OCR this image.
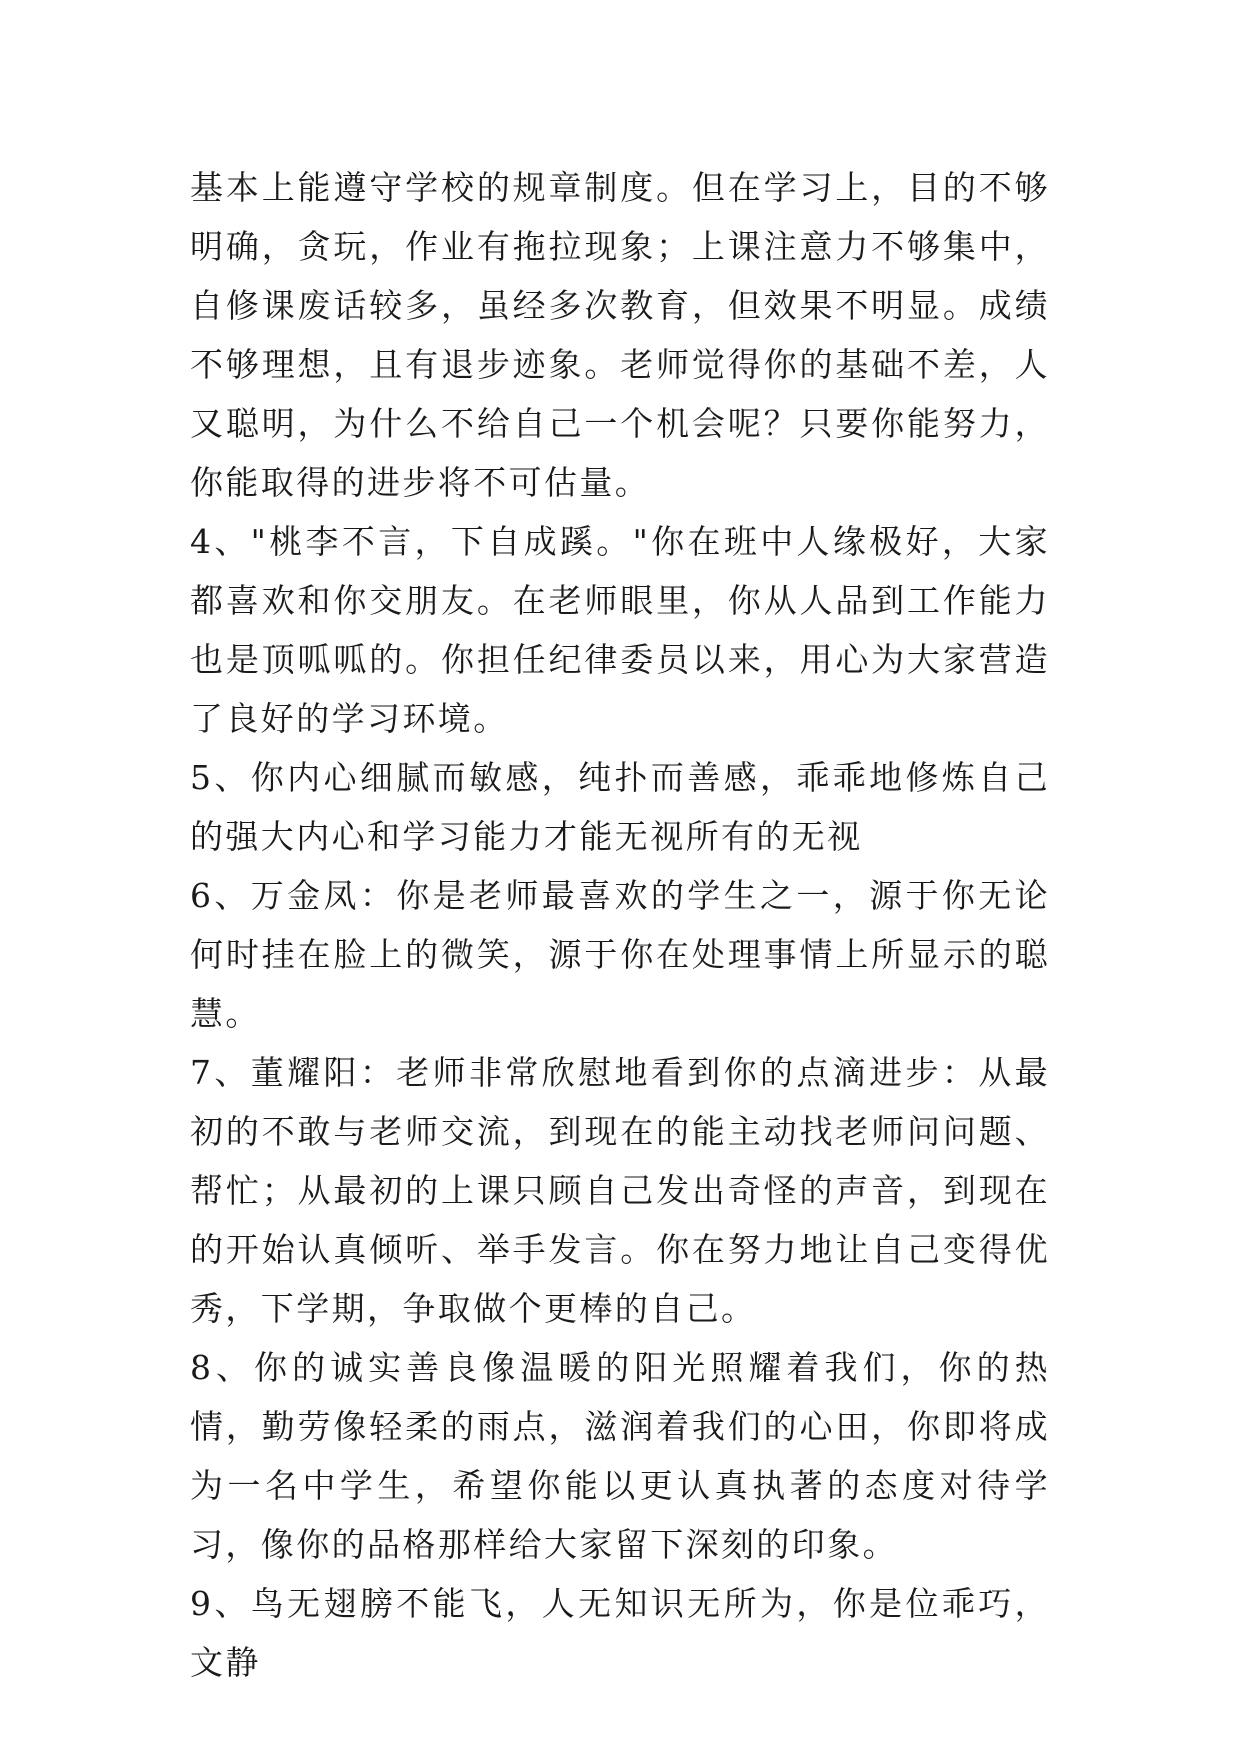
基本上能遵守学校的规章制度。但在学习上，目的不够明确，贪玩，作业有拖拉现象；上课注意力不够集中，自修课废话较多，虽经多次教育，但效果不明显。成绩不够理想，且有退步迹象。老师觉得你的基础不差，人又聪明，为什么不给自己一个机会呢？只要你能努力，你能取得的进步将不可估量。

4、"桃李不言，下自成蹊。"你在班中人缘极好，大家都喜欢和你交朋友。在老师眼里，你从人品到工作能力也是顶呱呱的。你担任纪律委员以来，用心为大家营造了良好的学习环境。

5、你内心细腻而敏感，纯扑而善感，乖乖地修炼自己的强大内心和学习能力才能无视所有的无视

6、万金凤：你是老师最喜欢的学生之一，源于你无论何时挂在脸上的微笑，源于你在处理事情上所显示的聪慧。

7、董耀阳：老师非常欣慰地看到你的点滴进步：从最初的不敢与老师交流，到现在的能主动找老师问问题、帮忙；从最初的上课只顾自己发出奇怪的声音，到现在的开始认真倾听、举手发言。你在努力地让自己变得优秀，下学期，争取做个更棒的自己。

8、你的诚实善良像温暖的阳光照耀着我们，你的热情，勤劳像轻柔的雨点，滋润着我们的心田，你即将成为一名中学生，希望你能以更认真执著的态度对待学习，像你的品格那样给大家留下深刻的印象。

9、鸟无翅膀不能飞，人无知识无所为，你是位乖巧，文静
